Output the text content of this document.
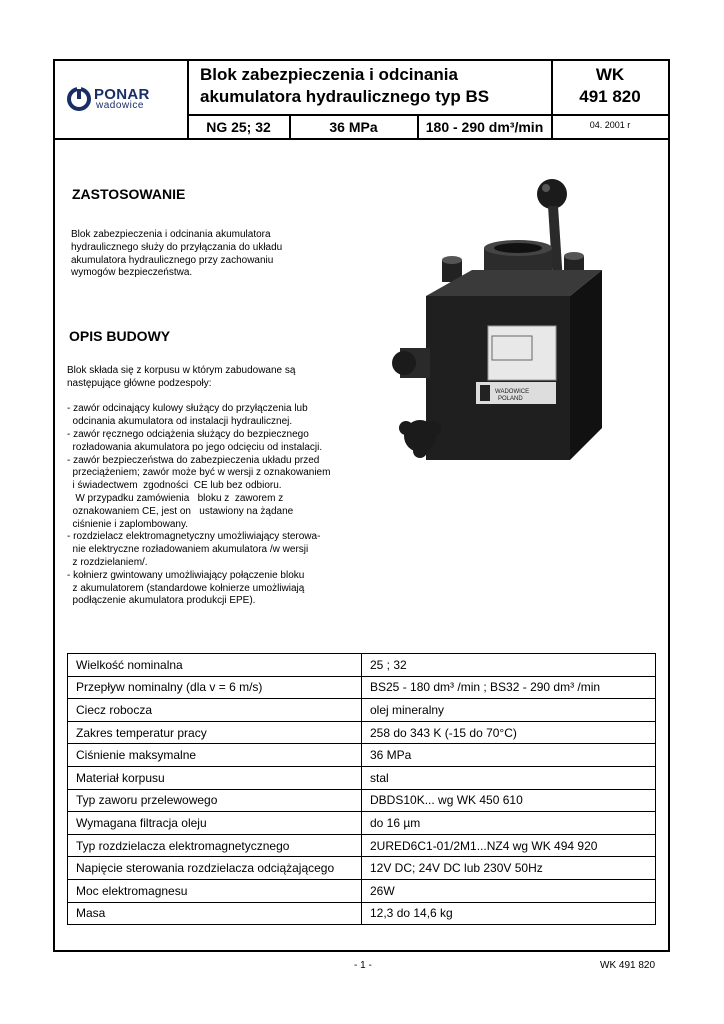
PONAR
wadowice
Blok zabezpieczenia i odcinania
akumulatora hydraulicznego typ BS
WK
491 820
NG 25; 32	36 MPa	180 - 290 dm³/min	04. 2001 r
ZASTOSOWANIE
Blok zabezpieczenia i odcinania akumulatora
hydraulicznego służy do przyłączania do układu
akumulatora hydraulicznego przy zachowaniu
wymogów bezpieczeństwa.
OPIS BUDOWY
Blok składa się z korpusu w którym zabudowane są
następujące główne podzespoły:

- zawór odcinający kulowy służący do przyłączenia lub
odcinania akumulatora od instalacji hydraulicznej.
- zawór ręcznego odciążenia służący do bezpiecznego
rozładowania akumulatora po jego odcięciu od instalacji.
- zawór bezpieczeństwa do zabezpieczenia układu przed
przeciążeniem; zawór może być w wersji z oznakowaniem
i świadectwem  zgodności  CE lub bez odbioru.
W przypadku zamówienia   bloku z  zaworem z
oznakowaniem CE, jest on   ustawiony na żądane
ciśnienie i zaplombowany.
- rozdzielacz elektromagnetyczny umożliwiający sterowa-
nie elektryczne rozładowaniem akumulatora /w wersji
z rozdzielaniem/.
- kołnierz gwintowany umożliwiający połączenie bloku
z akumulatorem (standardowe kołnierze umożliwiają
podłączenie akumulatora produkcji EPE).
WADOWICE
POLAND
Wielkość nominalna	25 ; 32
Przepływ nominalny (dla v = 6 m/s)	BS25 - 180 dm³ /min ; BS32 - 290 dm³ /min
Ciecz robocza	olej mineralny
Zakres temperatur pracy	258 do 343 K (-15 do 70°C)
Ciśnienie maksymalne	36 MPa
Materiał korpusu	stal
Typ zaworu przelewowego	DBDS10K... wg WK 450 610
Wymagana filtracja oleju	do 16 µm
Typ rozdzielacza elektromagnetycznego	2URED6C1-01/2M1...NZ4 wg WK 494 920
Napięcie sterowania rozdzielacza odciążającego	12V DC; 24V DC lub 230V 50Hz
Moc elektromagnesu	26W
Masa	12,3 do 14,6 kg
- 1 -	WK 491 820
